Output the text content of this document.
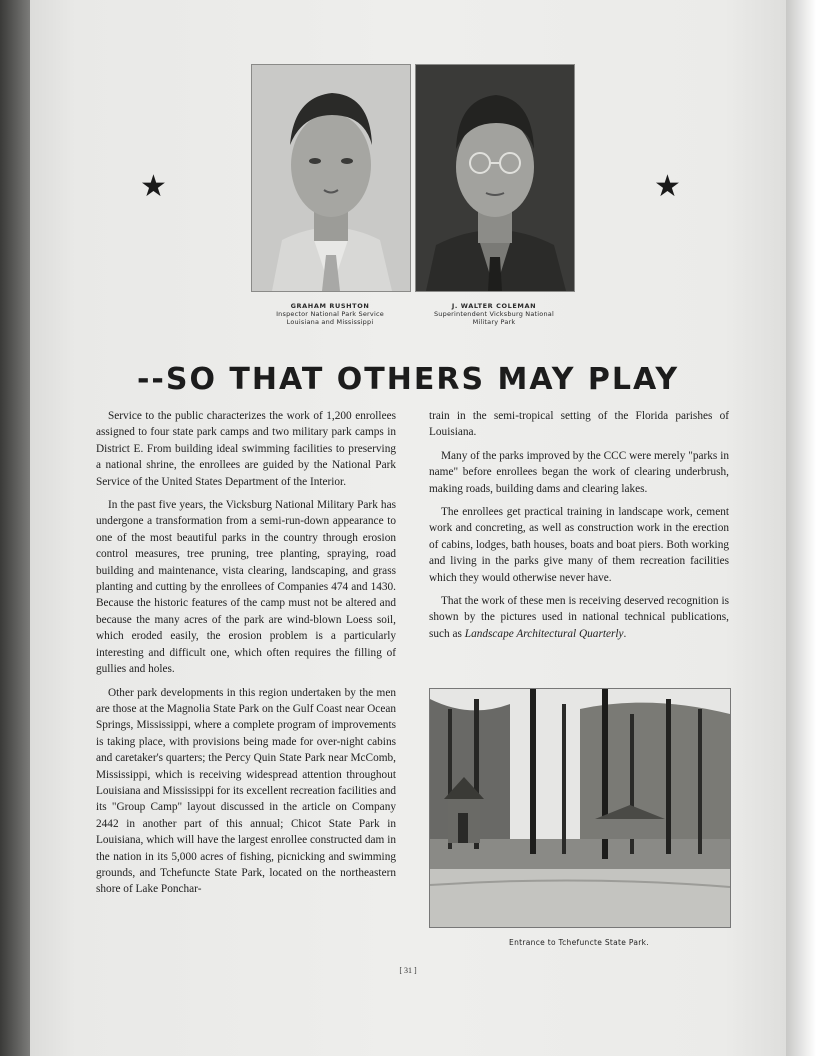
★	★
GRAHAM RUSHTON
Inspector National Park Service
Louisiana and Mississippi
J. WALTER COLEMAN
Superintendent Vicksburg National
Military Park
--SO THAT OTHERS MAY PLAY

Service to the public characterizes the work of 1,200 enrollees assigned to four state park camps and two military park camps in District E. From building ideal swimming facilities to preserving a national shrine, the enrollees are guided by the National Park Service of the United States Department of the Interior.

In the past five years, the Vicksburg National Military Park has undergone a transformation from a semi-run-down appearance to one of the most beautiful parks in the country through erosion control measures, tree pruning, tree planting, spraying, road building and maintenance, vista clearing, landscaping, and grass planting and cutting by the enrollees of Companies 474 and 1430. Because the historic features of the camp must not be altered and because the many acres of the park are wind-blown Loess soil, which eroded easily, the erosion problem is a particularly interesting and difficult one, which often requires the filling of gullies and holes.

Other park developments in this region undertaken by the men are those at the Magnolia State Park on the Gulf Coast near Ocean Springs, Mississippi, where a complete program of improvements is taking place, with provisions being made for over-night cabins and caretaker's quarters; the Percy Quin State Park near McComb, Mississippi, which is receiving widespread attention throughout Louisiana and Mississippi for its excellent recreation facilities and its "Group Camp" layout discussed in the article on Company 2442 in another part of this annual; Chicot State Park in Louisiana, which will have the largest enrollee constructed dam in the nation in its 5,000 acres of fishing, picnicking and swimming grounds, and Tchefuncte State Park, located on the northeastern shore of Lake Ponchar-

train in the semi-tropical setting of the Florida parishes of Louisiana.

Many of the parks improved by the CCC were merely "parks in name" before enrollees began the work of clearing underbrush, making roads, building dams and clearing lakes.

The enrollees get practical training in landscape work, cement work and concreting, as well as construction work in the erection of cabins, lodges, bath houses, boats and boat piers. Both working and living in the parks give many of them recreation facilities which they would otherwise never have.

That the work of these men is receiving deserved recognition is shown by the pictures used in national technical publications, such as Landscape Architectural Quarterly.

Entrance to Tchefuncte State Park.
[ 31 ]
